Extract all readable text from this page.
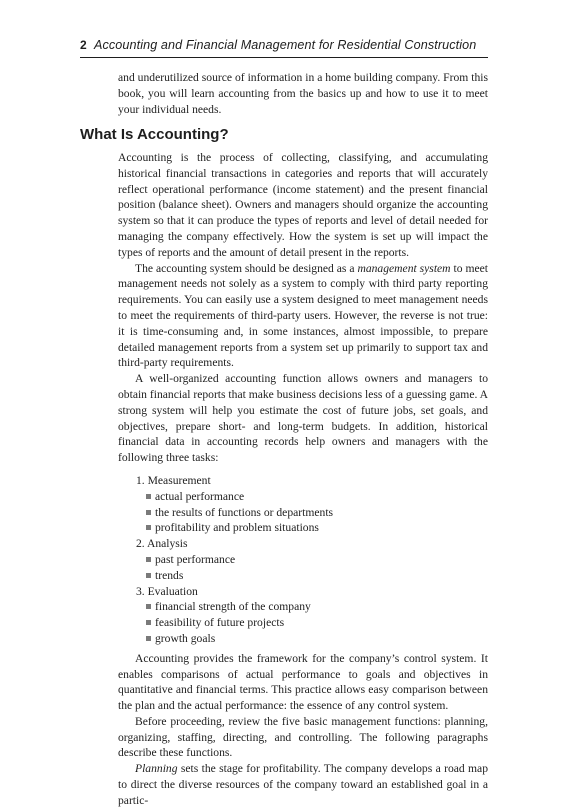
2 Accounting and Financial Management for Residential Construction

and underutilized source of information in a home building company. From this book, you will learn accounting from the basics up and how to use it to meet your individual needs.

What Is Accounting?

Accounting is the process of collecting, classifying, and accumulating historical financial transactions in categories and reports that will accurately reflect operational performance (income statement) and the present financial position (balance sheet). Owners and managers should organize the accounting system so that it can produce the types of reports and level of detail needed for managing the company effectively. How the system is set up will impact the types of reports and the amount of detail present in the reports.

The accounting system should be designed as a management system to meet management needs not solely as a system to comply with third party reporting requirements. You can easily use a system designed to meet management needs to meet the requirements of third-party users. However, the reverse is not true: it is time-consuming and, in some instances, almost impossible, to prepare detailed management reports from a system set up primarily to support tax and third-party requirements.

A well-organized accounting function allows owners and managers to obtain financial reports that make business decisions less of a guessing game. A strong system will help you estimate the cost of future jobs, set goals, and objectives, prepare short- and long-term budgets. In addition, historical financial data in accounting records help owners and managers with the following three tasks:

1. Measurement
actual performance
the results of functions or departments
profitability and problem situations
2. Analysis
past performance
trends
3. Evaluation
financial strength of the company
feasibility of future projects
growth goals

Accounting provides the framework for the company’s control system. It enables comparisons of actual performance to goals and objectives in quantitative and financial terms. This practice allows easy comparison between the plan and the actual performance: the essence of any control system.

Before proceeding, review the five basic management functions: planning, organizing, staffing, directing, and controlling. The following paragraphs describe these functions.

Planning sets the stage for profitability. The company develops a road map to direct the diverse resources of the company toward an established goal in a partic-
